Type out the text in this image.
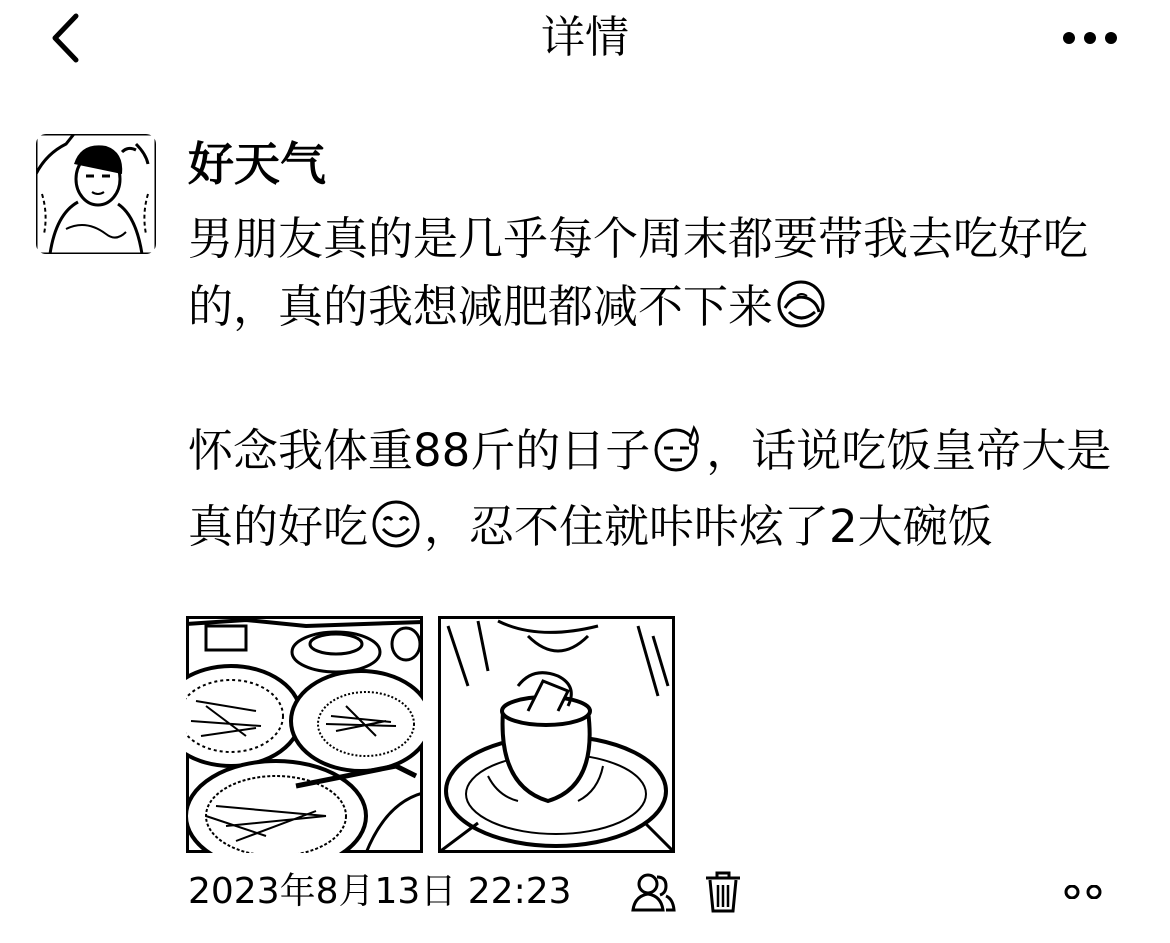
详情
好天气

男朋友真的是几乎每个周末都要带我去吃好吃的，真的我想减肥都减不下来

怀念我体重88斤的日子 ，话说吃饭皇帝大是真的好吃 ，忍不住就咔咔炫了2大碗饭

2023年8月13日 22:23
